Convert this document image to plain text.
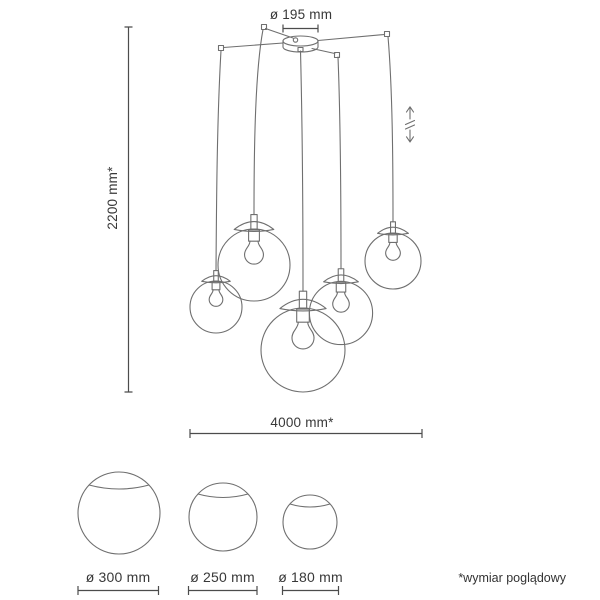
ø 195 mm
2200 mm*
4000 mm*
ø 300 mm	ø 250 mm ø 180 mm	*wymiar poglądowy
